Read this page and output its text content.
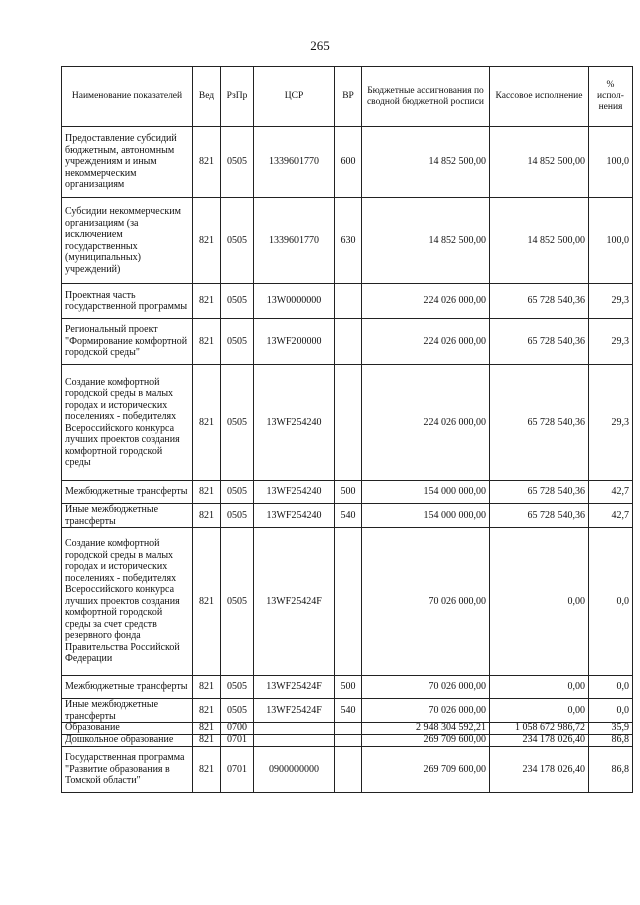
265
Наименование показателей	Вед	РзПр	ЦСР	ВР	Бюджетные ассигнования по сводной бюджетной росписи	Кассовое исполнение	% испол-нения
Предоставление субсидий бюджетным, автономным учреждениям и иным некоммерческим организациям	821	0505	1339601770	600	14 852 500,00	14 852 500,00	100,0
Субсидии некоммерческим организациям (за исключением государственных (муниципальных) учреждений)	821	0505	1339601770	630	14 852 500,00	14 852 500,00	100,0
Проектная часть государственной программы	821	0505	13W0000000		224 026 000,00	65 728 540,36	29,3
Региональный проект "Формирование комфортной городской среды"	821	0505	13WF200000		224 026 000,00	65 728 540,36	29,3
Создание комфортной городской среды в малых городах и исторических поселениях - победителях Всероссийского конкурса лучших проектов создания комфортной городской среды	821	0505	13WF254240		224 026 000,00	65 728 540,36	29,3
Межбюджетные трансферты	821	0505	13WF254240	500	154 000 000,00	65 728 540,36	42,7
Иные межбюджетные трансферты	821	0505	13WF254240	540	154 000 000,00	65 728 540,36	42,7
Создание комфортной городской среды в малых городах и исторических поселениях - победителях Всероссийского конкурса лучших проектов создания комфортной городской среды за счет средств резервного фонда Правительства Российской Федерации	821	0505	13WF25424F		70 026 000,00	0,00	0,0
Межбюджетные трансферты	821	0505	13WF25424F	500	70 026 000,00	0,00	0,0
Иные межбюджетные трансферты	821	0505	13WF25424F	540	70 026 000,00	0,00	0,0
Образование	821	0700			2 948 304 592,21	1 058 672 986,72	35,9
Дошкольное образование	821	0701			269 709 600,00	234 178 026,40	86,8
Государственная программа "Развитие образования в Томской области"	821	0701	0900000000		269 709 600,00	234 178 026,40	86,8
